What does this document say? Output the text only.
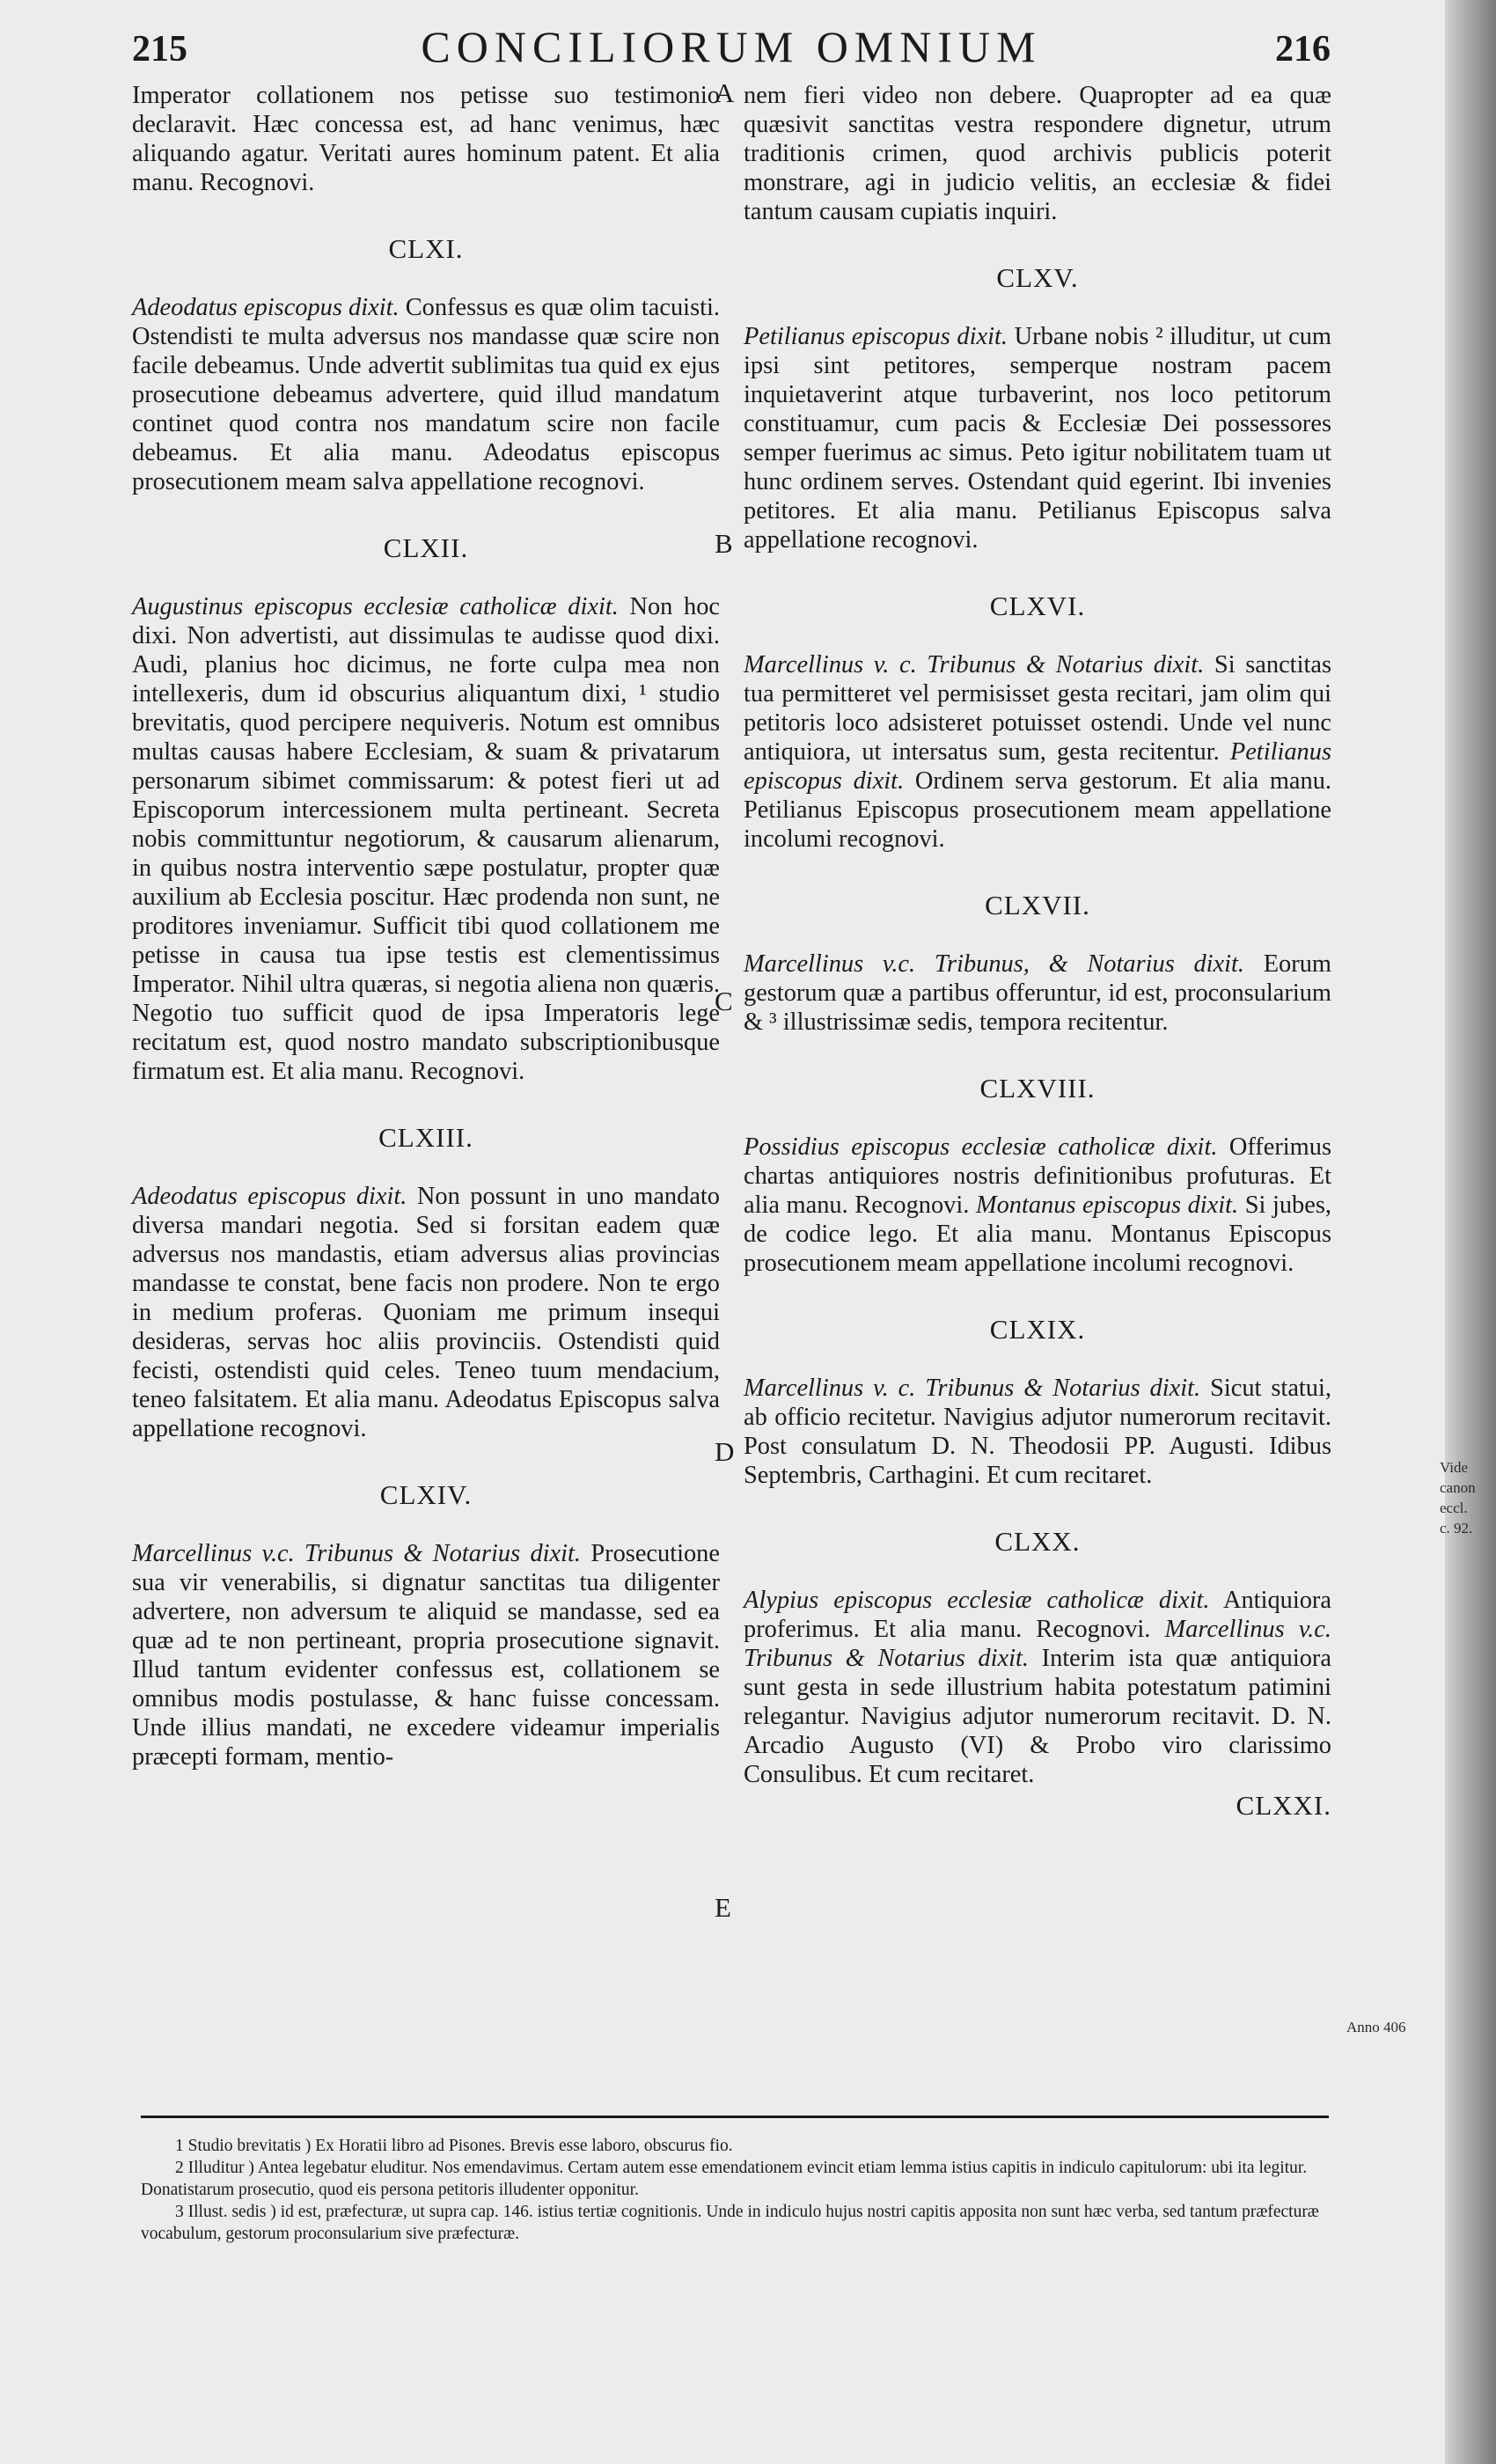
215	CONCILIORUM OMNIUM	216

Imperator collationem nos petisse suo testimonio declaravit. Hæc concessa est, ad hanc venimus, hæc aliquando agatur. Veritati aures hominum patent. Et alia manu. Recognovi.

CLXI.

Adeodatus episcopus dixit. Confessus es quæ olim tacuisti. Ostendisti te multa adversus nos mandasse quæ scire non facile debeamus. Unde advertit sublimitas tua quid ex ejus prosecutione debeamus advertere, quid illud mandatum continet quod contra nos mandatum scire non facile debeamus. Et alia manu. Adeodatus episcopus prosecutionem meam salva appellatione recognovi.

CLXII.

Augustinus episcopus ecclesiæ catholicæ dixit. Non hoc dixi. Non advertisti, aut dissimulas te audisse quod dixi. Audi, planius hoc dicimus, ne forte culpa mea non intellexeris, dum id obscurius aliquantum dixi, ¹ studio brevitatis, quod percipere nequiveris. Notum est omnibus multas causas habere Ecclesiam, & suam & privatarum personarum sibimet commissarum: & potest fieri ut ad Episcoporum intercessionem multa pertineant. Secreta nobis committuntur negotiorum, & causarum alienarum, in quibus nostra interventio sæpe postulatur, propter quæ auxilium ab Ecclesia poscitur. Hæc prodenda non sunt, ne proditores inveniamur. Sufficit tibi quod collationem me petisse in causa tua ipse testis est clementissimus Imperator. Nihil ultra quæras, si negotia aliena non quæris. Negotio tuo sufficit quod de ipsa Imperatoris lege recitatum est, quod nostro mandato subscriptionibusque firmatum est. Et alia manu. Recognovi.

CLXIII.

Adeodatus episcopus dixit. Non possunt in uno mandato diversa mandari negotia. Sed si forsitan eadem quæ adversus nos mandastis, etiam adversus alias provincias mandasse te constat, bene facis non prodere. Non te ergo in medium proferas. Quoniam me primum insequi desideras, servas hoc aliis provinciis. Ostendisti quid fecisti, ostendisti quid celes. Teneo tuum mendacium, teneo falsitatem. Et alia manu. Adeodatus Episcopus salva appellatione recognovi.

CLXIV.

Marcellinus v.c. Tribunus & Notarius dixit. Prosecutione sua vir venerabilis, si dignatur sanctitas tua diligenter advertere, non adversum te aliquid se mandasse, sed ea quæ ad te non pertineant, propria prosecutione signavit. Illud tantum evidenter confessus est, collationem se omnibus modis postulasse, & hanc fuisse concessam. Unde illius mandati, ne excedere videamur imperialis præcepti formam, mentio-

nem fieri video non debere. Quapropter ad ea quæ quæsivit sanctitas vestra respondere dignetur, utrum traditionis crimen, quod archivis publicis poterit monstrare, agi in judicio velitis, an ecclesiæ & fidei tantum causam cupiatis inquiri.

CLXV.

Petilianus episcopus dixit. Urbane nobis ² illuditur, ut cum ipsi sint petitores, semperque nostram pacem inquietaverint atque turbaverint, nos loco petitorum constituamur, cum pacis & Ecclesiæ Dei possessores semper fuerimus ac simus. Peto igitur nobilitatem tuam ut hunc ordinem serves. Ostendant quid egerint. Ibi invenies petitores. Et alia manu. Petilianus Episcopus salva appellatione recognovi.

CLXVI.

Marcellinus v. c. Tribunus & Notarius dixit. Si sanctitas tua permitteret vel permisisset gesta recitari, jam olim qui petitoris loco adsisteret potuisset ostendi. Unde vel nunc antiquiora, ut intersatus sum, gesta recitentur. Petilianus episcopus dixit. Ordinem serva gestorum. Et alia manu. Petilianus Episcopus prosecutionem meam appellatione incolumi recognovi.

CLXVII.

Marcellinus v.c. Tribunus, & Notarius dixit. Eorum gestorum quæ a partibus offeruntur, id est, proconsularium & ³ illustrissimæ sedis, tempora recitentur.

CLXVIII.

Possidius episcopus ecclesiæ catholicæ dixit. Offerimus chartas antiquiores nostris definitionibus profuturas. Et alia manu. Recognovi. Montanus episcopus dixit. Si jubes, de codice lego. Et alia manu. Montanus Episcopus prosecutionem meam appellatione incolumi recognovi.

CLXIX.

Marcellinus v. c. Tribunus & Notarius dixit. Sicut statui, ab officio recitetur. Navigius adjutor numerorum recitavit. Post consulatum D. N. Theodosii PP. Augusti. Idibus Septembris, Carthagini. Et cum recitaret.

CLXX.

Alypius episcopus ecclesiæ catholicæ dixit. Antiquiora proferimus. Et alia manu. Recognovi. Marcellinus v.c. Tribunus & Notarius dixit. Interim ista quæ antiquiora sunt gesta in sede illustrium habita potestatum patimini relegantur. Navigius adjutor numerorum recitavit. D. N. Arcadio Augusto (VI) & Probo viro clarissimo Consulibus. Et cum recitaret.

CLXXI.
A
B
C
D
E
Vide
canon
eccl.
c. 92.
Anno 406

1 Studio brevitatis ) Ex Horatii libro ad Pisones. Brevis esse laboro, obscurus fio.

2 Illuditur ) Antea legebatur eluditur. Nos emendavimus. Certam autem esse emendationem evincit etiam lemma istius capitis in indiculo capitulorum: ubi ita legitur. Donatistarum prosecutio, quod eis persona petitoris illudenter opponitur.

3 Illust. sedis ) id est, præfecturæ, ut supra cap. 146. istius tertiæ cognitionis. Unde in indiculo hujus nostri capitis apposita non sunt hæc verba, sed tantum præfecturæ vocabulum, gestorum proconsularium sive præfecturæ.
